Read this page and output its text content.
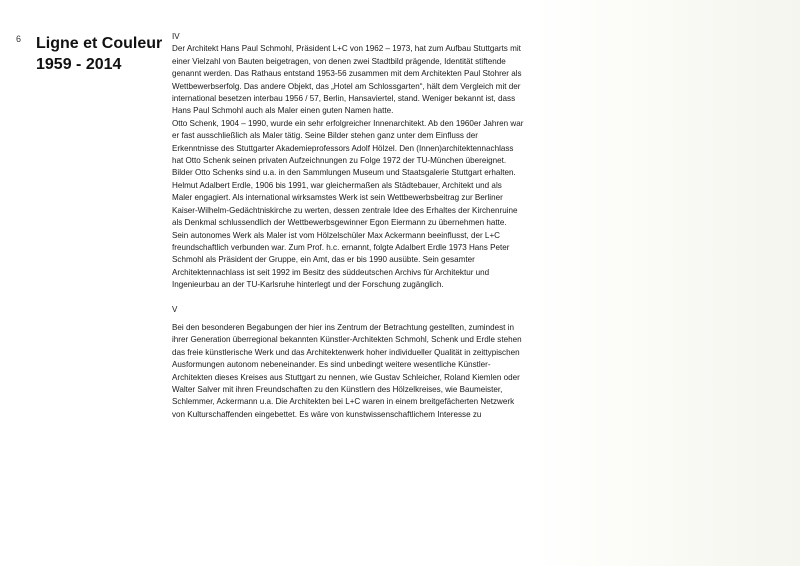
6 Ligne et Couleur
1959 - 2014

IV

Der Architekt Hans Paul Schmohl, Präsident L+C von 1962 – 1973, hat zum Aufbau Stuttgarts mit einer Vielzahl von Bauten beigetragen, von denen zwei Stadtbild prägende, Identität stiftende genannt werden. Das Rathaus entstand 1953-56 zusammen mit dem Architekten Paul Stohrer als Wettbewerbserfolg. Das andere Objekt, das „Hotel am Schlossgarten“, hält dem Vergleich mit der international besetzen interbau 1956 / 57, Berlin, Hansaviertel, stand. Weniger bekannt ist, dass Hans Paul Schmohl auch als Maler einen guten Namen hatte.

Otto Schenk, 1904 – 1990, wurde ein sehr erfolgreicher Innenarchitekt. Ab den 1960er Jahren war er fast ausschließlich als Maler tätig. Seine Bilder stehen ganz unter dem Einfluss der Erkenntnisse des Stuttgarter Akademieprofessors Adolf Hölzel. Den (Innen)architektennachlass hat Otto Schenk seinen privaten Aufzeichnungen zu Folge 1972 der TU-München übereignet. Bilder Otto Schenks sind u.a. in den Sammlungen Museum und Staatsgalerie Stuttgart erhalten.

Helmut Adalbert Erdle, 1906 bis 1991, war gleichermaßen als Städtebauer, Architekt und als Maler engagiert. Als international wirksamstes Werk ist sein Wettbewerbsbeitrag zur Berliner Kaiser-Wilhelm-Gedächtniskirche zu werten, dessen zentrale Idee des Erhaltes der Kirchenruine als Denkmal schlussendlich der Wettbewerbsgewinner Egon Eiermann zu übernehmen hatte. Sein autonomes Werk als Maler ist vom Hölzelschüler Max Ackermann beeinflusst, der L+C freundschaftlich verbunden war. Zum Prof. h.c. ernannt, folgte Adalbert Erdle 1973 Hans Peter Schmohl als Präsident der Gruppe, ein Amt, das er bis 1990 ausübte. Sein gesamter Architektennachlass ist seit 1992 im Besitz des süddeutschen Archivs für Architektur und Ingenieurbau an der TU-Karlsruhe hinterlegt und der Forschung zugänglich.

V

Bei den besonderen Begabungen der hier ins Zentrum der Betrachtung gestellten, zumindest in ihrer Generation überregional bekannten Künstler-Architekten Schmohl, Schenk und Erdle stehen das freie künstlerische Werk und das Architektenwerk hoher individueller Qualität in zeittypischen Ausformungen autonom nebeneinander. Es sind unbedingt weitere wesentliche Künstler-Architekten dieses Kreises aus Stuttgart zu nennen, wie Gustav Schleicher, Roland Kiemlen oder Walter Salver mit ihren Freundschaften zu den Künstlern des Hölzelkreises, wie Baumeister, Schlemmer, Ackermann u.a. Die Architekten bei L+C waren in einem breitgefächerten Netzwerk von Kulturschaffenden eingebettet. Es wäre von kunstwissenschaftlichem Interesse zu
